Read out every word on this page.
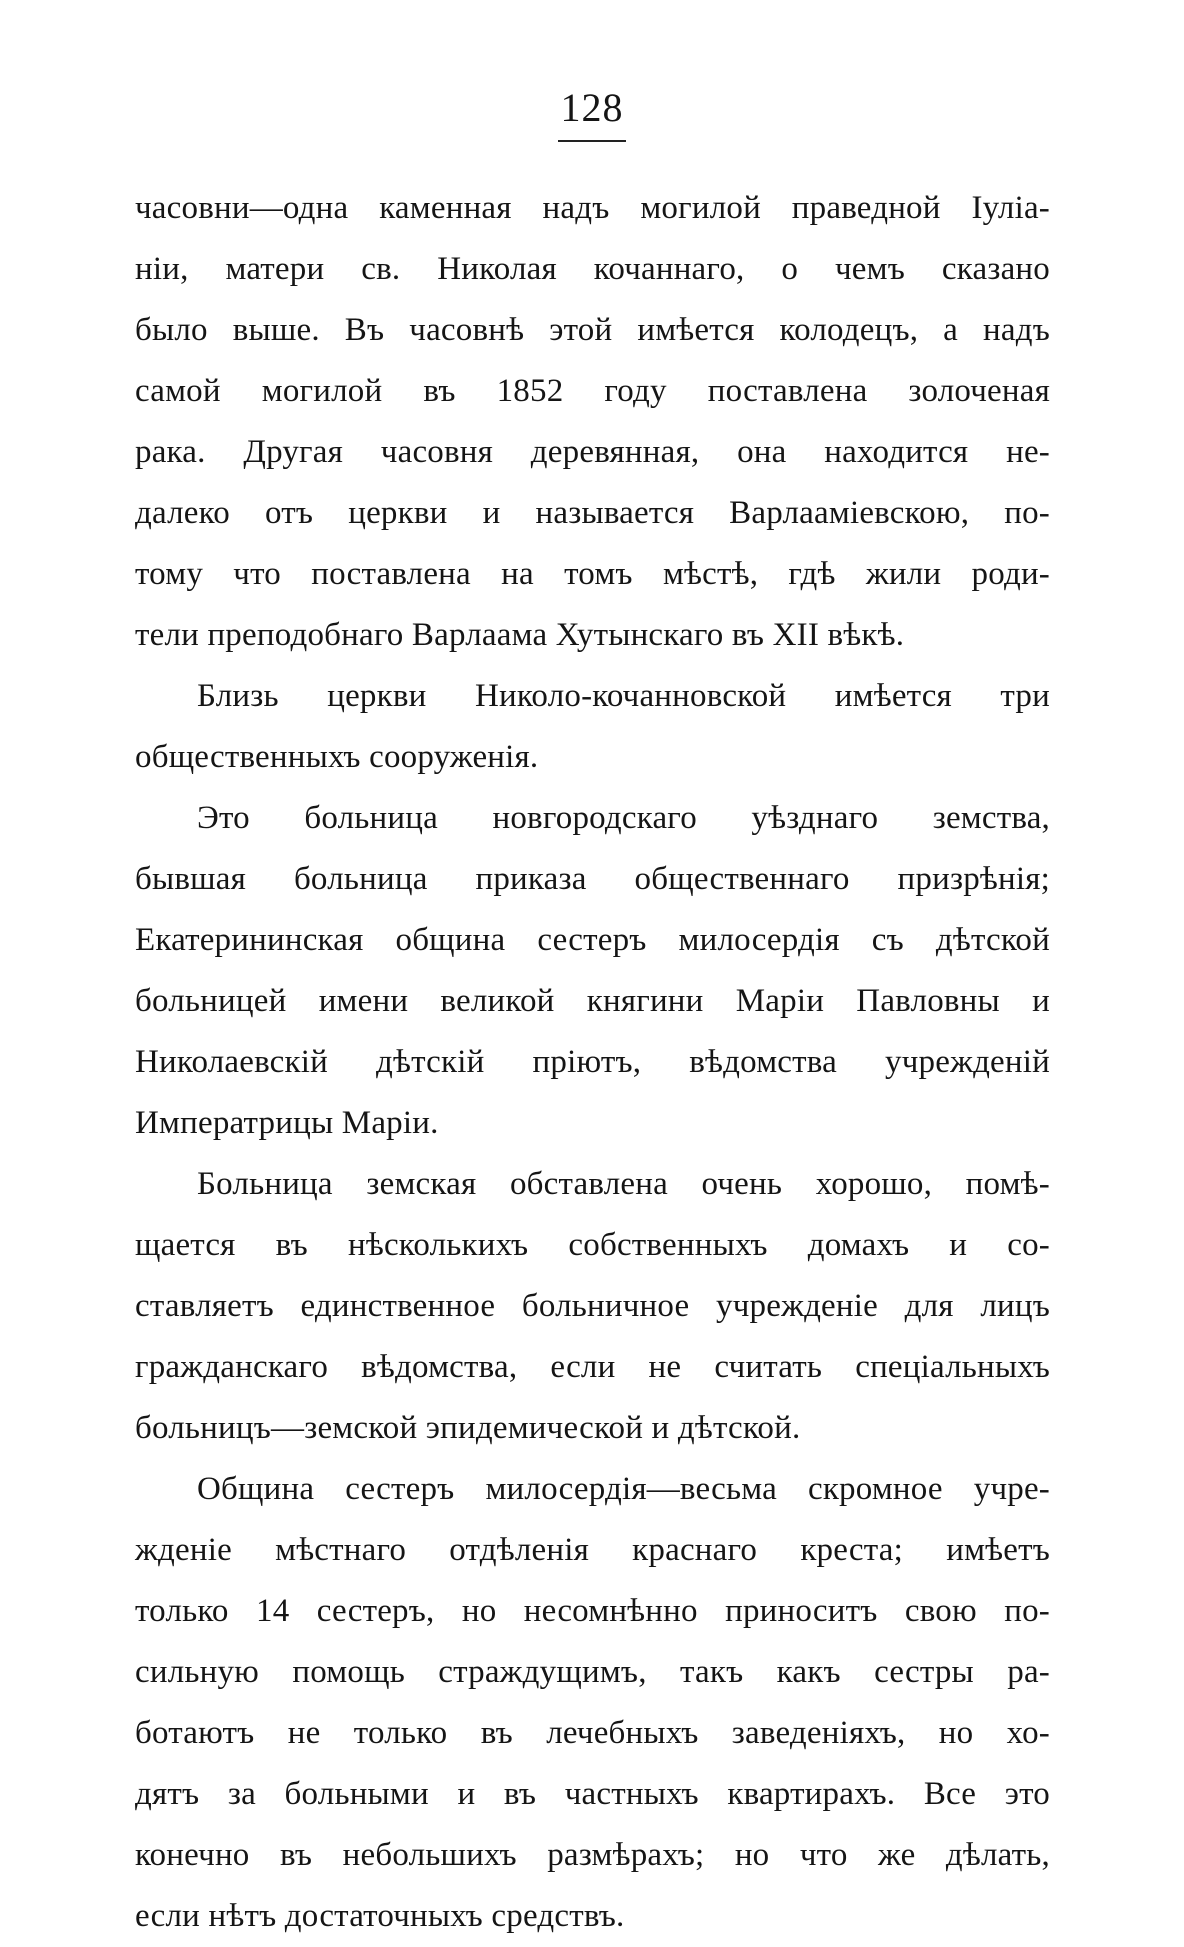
128
часовни—одна каменная надъ могилой праведной Іулiа-
нiи, матери св. Николая кочаннаго, о чемъ сказано
было выше. Въ часовнѣ этой имѣется колодецъ, а надъ
самой могилой въ 1852 году поставлена золоченая
рака. Другая часовня деревянная, она находится не-
далеко отъ церкви и называется Варлаамiевскою, по-
тому что поставлена на томъ мѣстѣ, гдѣ жили роди-
тели преподобнаго Варлаама Хутынскаго въ XII вѣкѣ.
Близь церкви Николо-кочанновской имѣется три
общественныхъ сооруженiя.
Это больница новгородскаго уѣзднаго земства,
бывшая больница приказа общественнаго призрѣнiя;
Екатерининская община сестеръ милосердiя съ дѣтской
больницей имени великой княгини Марiи Павловны и
Николаевскiй дѣтскiй прiютъ, вѣдомства учрежденiй
Императрицы Марiи.
Больница земская обставлена очень хорошо, помѣ-
щается въ нѣсколькихъ собственныхъ домахъ и со-
ставляетъ единственное больничное учрежденiе для лицъ
гражданскаго вѣдомства, если не считать спецiальныхъ
больницъ—земской эпидемической и дѣтской.
Община сестеръ милосердiя—весьма скромное учре-
жденiе мѣстнаго отдѣленiя краснаго креста; имѣетъ
только 14 сестеръ, но несомнѣнно приноситъ свою по-
сильную помощь страждущимъ, такъ какъ сестры ра-
ботаютъ не только въ лечебныхъ заведенiяхъ, но хо-
дятъ за больными и въ частныхъ квартирахъ. Все это
конечно въ небольшихъ размѣрахъ; но что же дѣлать,
если нѣтъ достаточныхъ средствъ.
